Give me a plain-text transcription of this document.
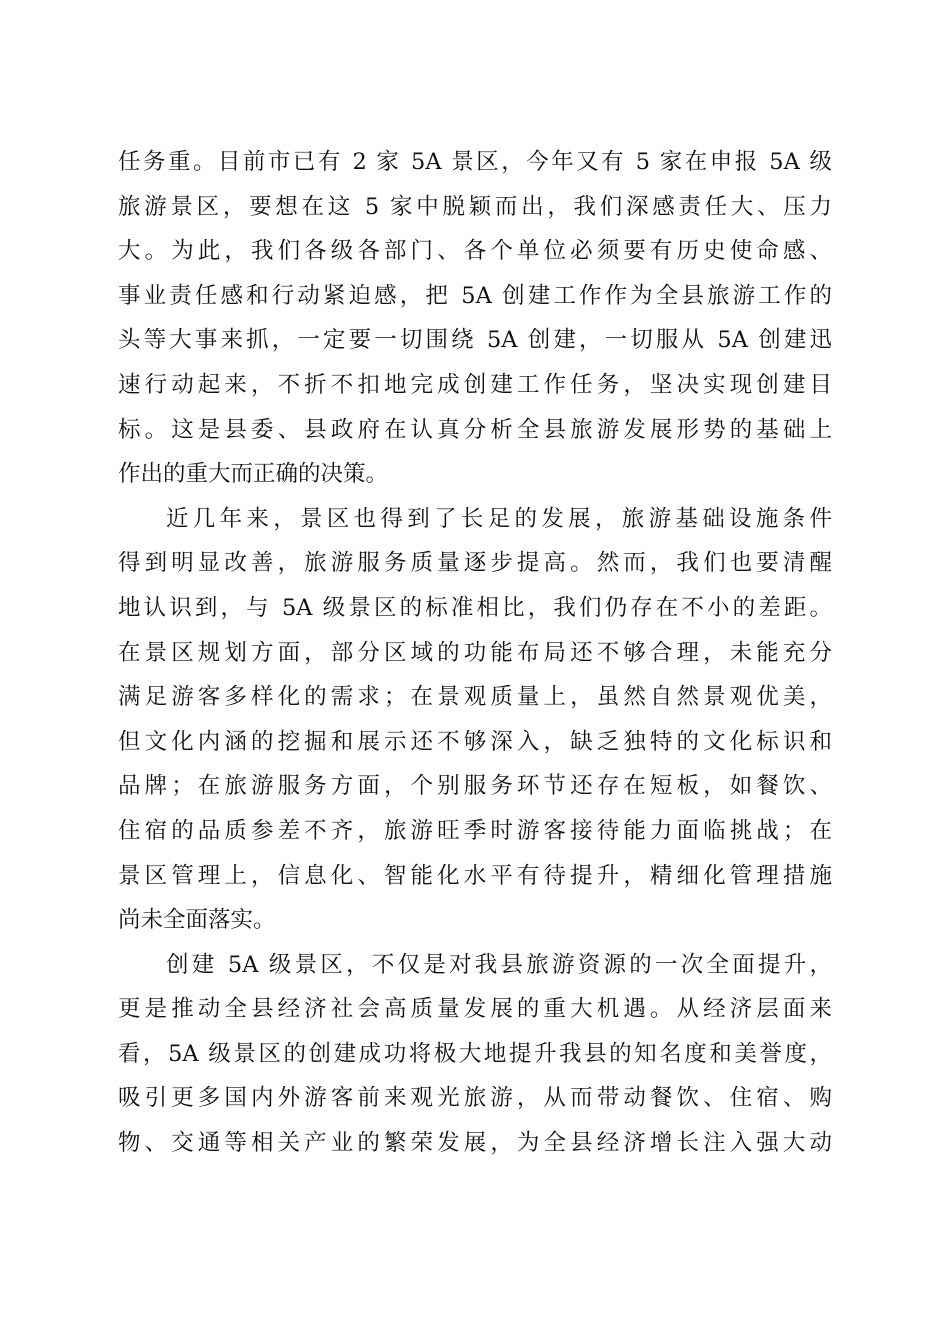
任务重。目前市已有 2 家 5A 景区，今年又有 5 家在申报 5A 级
旅游景区，要想在这 5 家中脱颖而出，我们深感责任大、压力
大。为此，我们各级各部门、各个单位必须要有历史使命感、
事业责任感和行动紧迫感，把 5A 创建工作作为全县旅游工作的
头等大事来抓，一定要一切围绕 5A 创建，一切服从 5A 创建迅
速行动起来，不折不扣地完成创建工作任务，坚决实现创建目
标。这是县委、县政府在认真分析全县旅游发展形势的基础上
作出的重大而正确的决策。
近几年来，景区也得到了长足的发展，旅游基础设施条件
得到明显改善，旅游服务质量逐步提高。然而，我们也要清醒
地认识到，与 5A 级景区的标准相比，我们仍存在不小的差距。
在景区规划方面，部分区域的功能布局还不够合理，未能充分
满足游客多样化的需求；在景观质量上，虽然自然景观优美，
但文化内涵的挖掘和展示还不够深入，缺乏独特的文化标识和
品牌；在旅游服务方面，个别服务环节还存在短板，如餐饮、
住宿的品质参差不齐，旅游旺季时游客接待能力面临挑战；在
景区管理上，信息化、智能化水平有待提升，精细化管理措施
尚未全面落实。
创建 5A 级景区，不仅是对我县旅游资源的一次全面提升，
更是推动全县经济社会高质量发展的重大机遇。从经济层面来
看，5A 级景区的创建成功将极大地提升我县的知名度和美誉度，
吸引更多国内外游客前来观光旅游，从而带动餐饮、住宿、购
物、交通等相关产业的繁荣发展，为全县经济增长注入强大动
